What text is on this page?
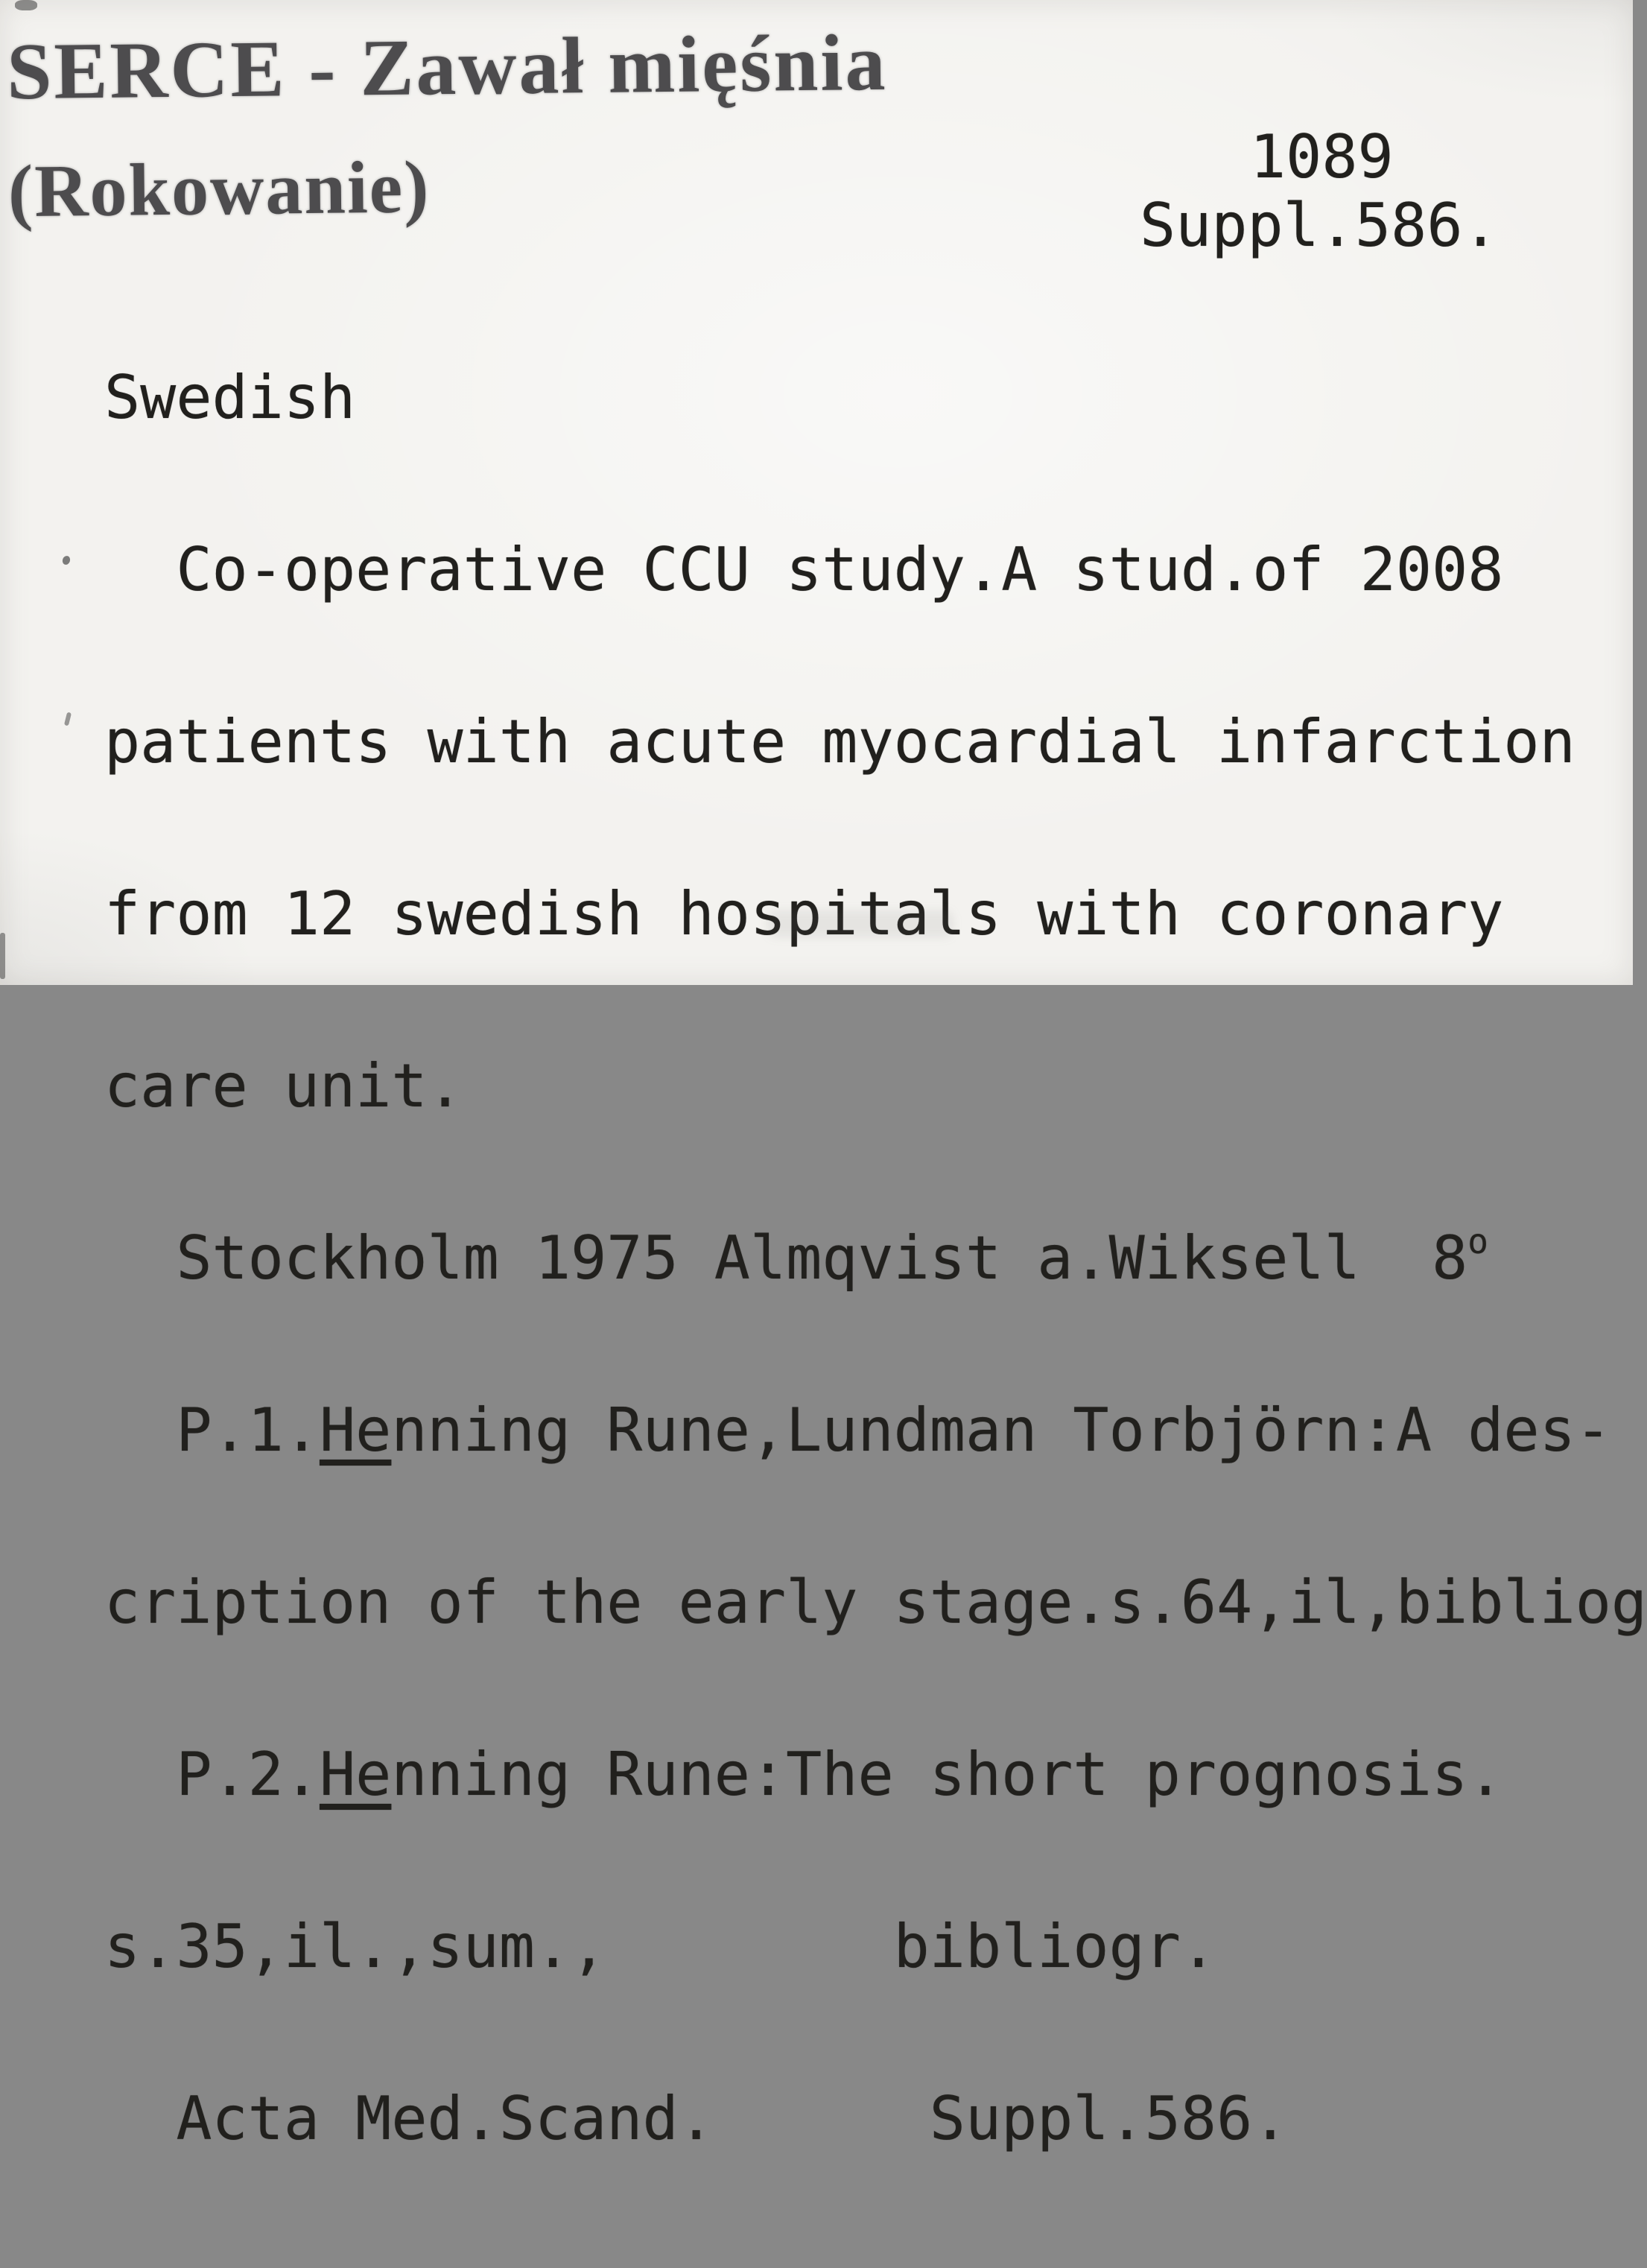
SERCE - Zawał mięśnia

(Rokowanie)

	1089
Suppl.586.

Swedish

Co-operative CCU study.A stud.of 2008

patients with acute myocardial infarction

from 12 swedish hospitals with coronary

care unit.

Stockholm 1975 Almqvist a.Wiksell  8o

P.1.Henning Rune,Lundman Torbjörn:A des-

cription of the early stage.s.64,il,bibliog

P.2.Henning Rune:The short prognosis.

s.35,il.,sum.,        bibliogr.

Acta Med.Scand.      Suppl.586.
